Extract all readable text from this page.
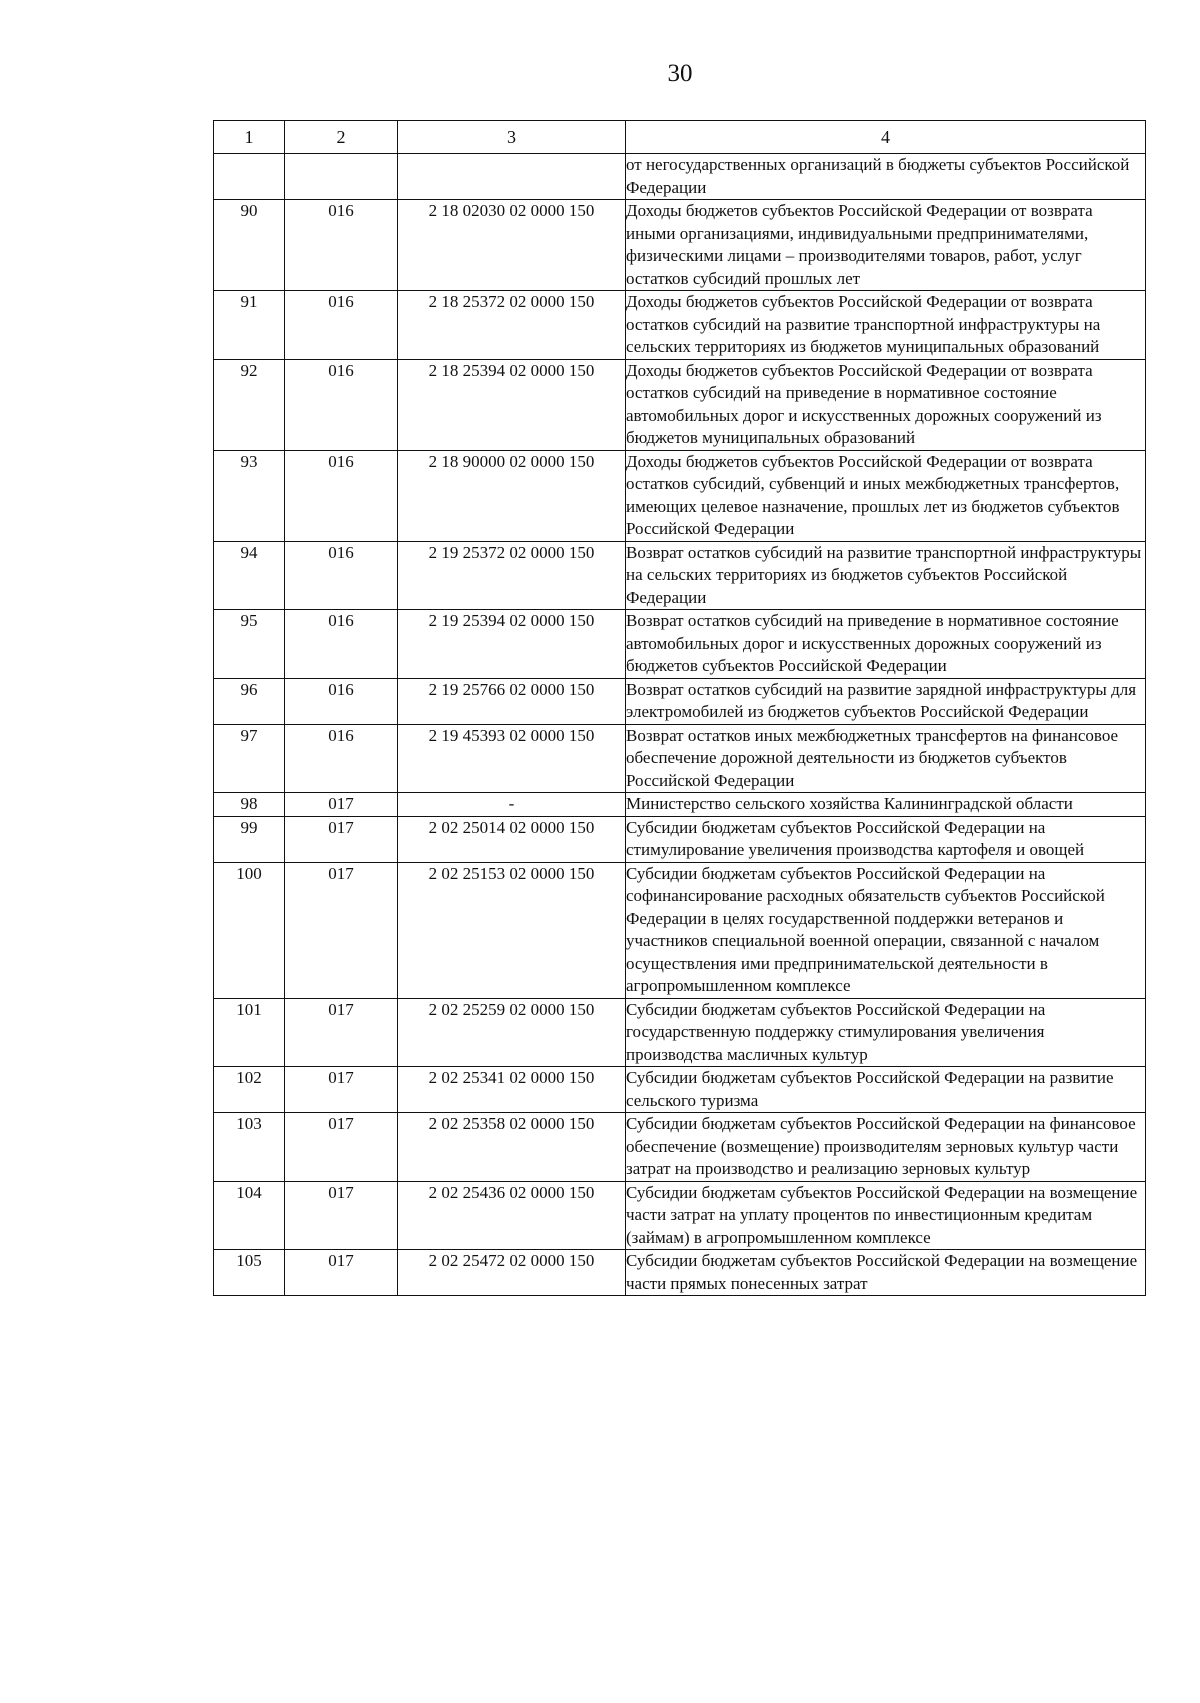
30
1	2	3	4
			от негосударственных организаций в бюджеты субъектов Российской Федерации
90	016	2 18 02030 02 0000 150	Доходы бюджетов субъектов Российской Федерации от возврата иными организациями, индивидуальными предпринимателями, физическими лицами – производителями товаров, работ, услуг остатков субсидий прошлых лет
91	016	2 18 25372 02 0000 150	Доходы бюджетов субъектов Российской Федерации от возврата остатков субсидий на развитие транспортной инфраструктуры на сельских территориях из бюджетов муниципальных образований
92	016	2 18 25394 02 0000 150	Доходы бюджетов субъектов Российской Федерации от возврата остатков субсидий на приведение в нормативное состояние автомобильных дорог и искусственных дорожных сооружений из бюджетов муниципальных образований
93	016	2 18 90000 02 0000 150	Доходы бюджетов субъектов Российской Федерации от возврата остатков субсидий, субвенций и иных межбюджетных трансфертов, имеющих целевое назначение, прошлых лет из бюджетов субъектов Российской Федерации
94	016	2 19 25372 02 0000 150	Возврат остатков субсидий на развитие транспортной инфраструктуры на сельских территориях из бюджетов субъектов Российской Федерации
95	016	2 19 25394 02 0000 150	Возврат остатков субсидий на приведение в нормативное состояние автомобильных дорог и искусственных дорожных сооружений из бюджетов субъектов Российской Федерации
96	016	2 19 25766 02 0000 150	Возврат остатков субсидий на развитие зарядной инфраструктуры для электромобилей из бюджетов субъектов Российской Федерации
97	016	2 19 45393 02 0000 150	Возврат остатков иных межбюджетных трансфертов на финансовое обеспечение дорожной деятельности из бюджетов субъектов Российской Федерации
98	017	-	Министерство сельского хозяйства Калининградской области
99	017	2 02 25014 02 0000 150	Субсидии бюджетам субъектов Российской Федерации на стимулирование увеличения производства картофеля и овощей
100	017	2 02 25153 02 0000 150	Субсидии бюджетам субъектов Российской Федерации на софинансирование расходных обязательств субъектов Российской Федерации в целях государственной поддержки ветеранов и участников специальной военной операции, связанной с началом осуществления ими предпринимательской деятельности в агропромышленном комплексе
101	017	2 02 25259 02 0000 150	Субсидии бюджетам субъектов Российской Федерации на государственную поддержку стимулирования увеличения производства масличных культур
102	017	2 02 25341 02 0000 150	Субсидии бюджетам субъектов Российской Федерации на развитие сельского туризма
103	017	2 02 25358 02 0000 150	Субсидии бюджетам субъектов Российской Федерации на финансовое обеспечение (возмещение) производителям зерновых культур части затрат на производство и реализацию зерновых культур
104	017	2 02 25436 02 0000 150	Субсидии бюджетам субъектов Российской Федерации на возмещение части затрат на уплату процентов по инвестиционным кредитам (займам) в агропромышленном комплексе
105	017	2 02 25472 02 0000 150	Субсидии бюджетам субъектов Российской Федерации на возмещение части прямых понесенных затрат
